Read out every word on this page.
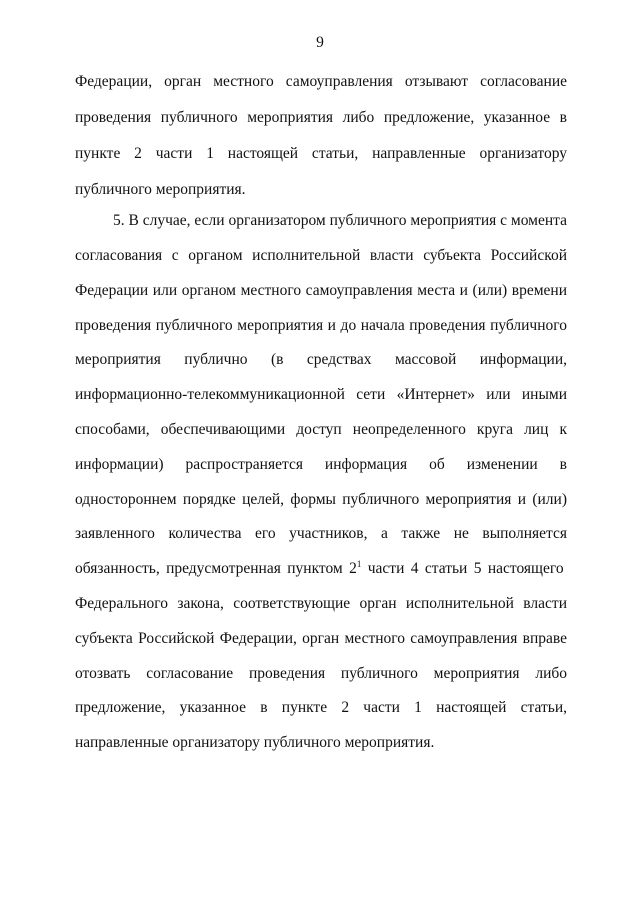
9
Федерации, орган местного самоуправления отзывают согласование
проведения публичного мероприятия либо предложение, указанное в
пункте 2 части 1 настоящей статьи, направленные организатору
публичного мероприятия.
5. В случае, если организатором публичного мероприятия с момента
согласования с органом исполнительной власти субъекта Российской
Федерации или органом местного самоуправления места и (или) времени
проведения публичного мероприятия и до начала проведения публичного
мероприятия публично (в средствах массовой информации,
информационно-телекоммуникационной сети «Интернет» или иными
способами, обеспечивающими доступ неопределенного круга лиц к
информации) распространяется информация об изменении в
одностороннем порядке целей, формы публичного мероприятия и (или)
заявленного количества его участников, а также не выполняется
обязанность, предусмотренная пунктом $2^1$ части 4 статьи 5 настоящего
Федерального закона, соответствующие орган исполнительной власти
субъекта Российской Федерации, орган местного самоуправления вправе
отозвать согласование проведения публичного мероприятия либо
предложение, указанное в пункте 2 части 1 настоящей статьи,
направленные организатору публичного мероприятия.
